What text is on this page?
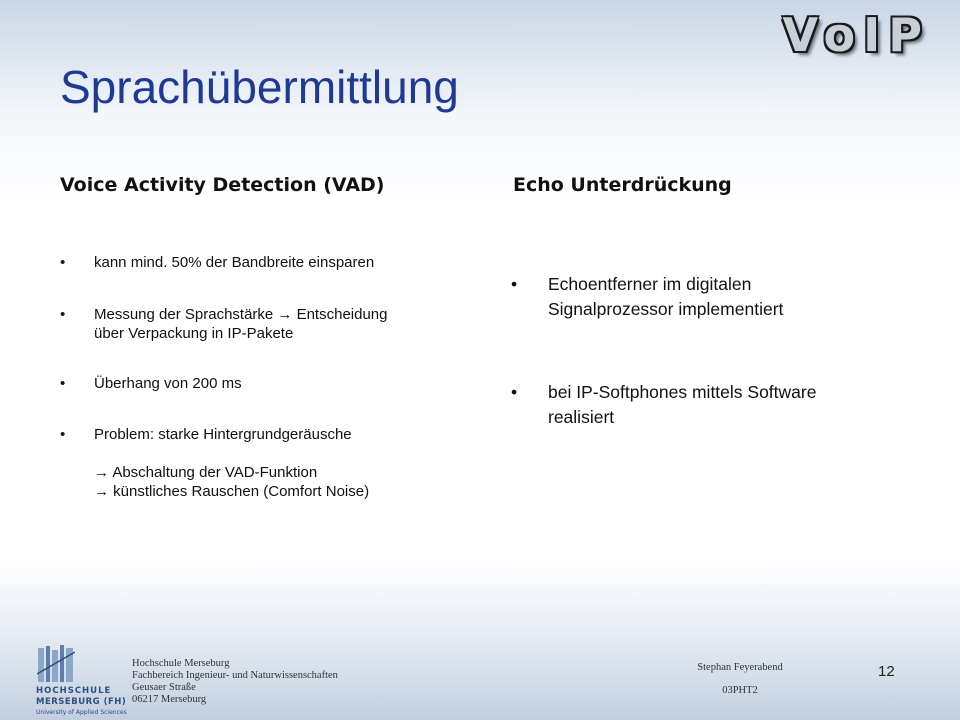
VoIP
Sprachübermittlung
Voice Activity Detection (VAD)	Echo Unterdrückung
• kann mind. 50% der Bandbreite einsparen
• Messung der Sprachstärke → Entscheidung
über Verpackung in IP-Pakete
• Überhang von 200 ms
• Problem: starke Hintergrundgeräusche
→ Abschaltung der VAD-Funktion
→ künstliches Rauschen (Comfort Noise)
• Echoentferner im digitalen
Signalprozessor implementiert
• bei IP-Softphones mittels Software
realisiert
HOCHSCHULE
MERSEBURG (FH)
University of Applied Sciences
Hochschule Merseburg
Fachbereich Ingenieur- und Naturwissenschaften
Geusaer Straße
06217 Merseburg
Stephan Feyerabend
03PHT2
12
